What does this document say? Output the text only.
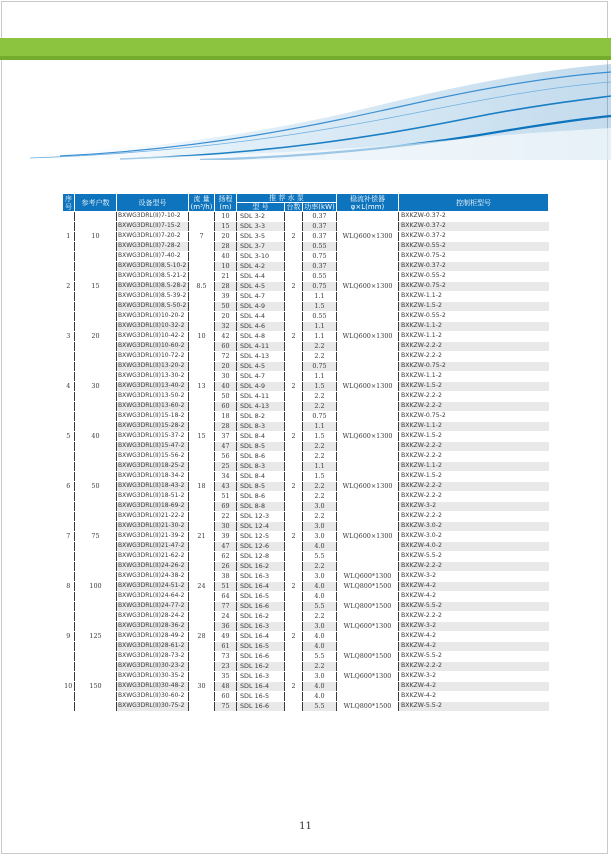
序号	参考户数	设备型号	流 量 (m³/h)	扬程 (m)	推 荐 水 泵			稳流补偿器 φ×L(mm)	控制柜型号
					型 号	台数	功率(kW)		
		BXWG3DRL(II)7-10-2		10	SDL 3-2		0.37		BXKZW-0.37-2
		BXWG3DRL(II)7-15-2		15	SDL 3-3		0.37		BXKZW-0.37-2
1	10	BXWG3DRL(II)7-20-2	7	20	SDL 3-5	2	0.37	WLQ600×1300	BXKZW-0.37-2
		BXWG3DRL(II)7-28-2		28	SDL 3-7		0.55		BXKZW-0.55-2
		BXWG3DRL(II)7-40-2		40	SDL 3-10		0.75		BXKZW-0.75-2
		BXWG3DRL(II)8.5-10-2		10	SDL 4-2		0.37		BXKZW-0.37-2
		BXWG3DRL(II)8.5-21-2		21	SDL 4-4		0.55		BXKZW-0.55-2
2	15	BXWG3DRL(II)8.5-28-2	8.5	28	SDL 4-5	2	0.75	WLQ600×1300	BXKZW-0.75-2
		BXWG3DRL(II)8.5-39-2		39	SDL 4-7		1.1		BXKZW-1.1-2
		BXWG3DRL(II)8.5-50-2		50	SDL 4-9		1.5		BXKZW-1.5-2
		BXWG3DRL(II)10-20-2		20	SDL 4-4		0.55		BXKZW-0.55-2
		BXWG3DRL(II)10-32-2		32	SDL 4-6		1.1		BXKZW-1.1-2
3	20	BXWG3DRL(II)10-42-2	10	42	SDL 4-8	2	1.1	WLQ600×1300	BXKZW-1.1-2
		BXWG3DRL(II)10-60-2		60	SDL 4-11		2.2		BXKZW-2.2-2
		BXWG3DRL(II)10-72-2		72	SDL 4-13		2.2		BXKZW-2.2-2
		BXWG3DRL(II)13-20-2		20	SDL 4-5		0.75		BXKZW-0.75-2
		BXWG3DRL(II)13-30-2		30	SDL 4-7		1.1		BXKZW-1.1-2
4	30	BXWG3DRL(II)13-40-2	13	40	SDL 4-9	2	1.5	WLQ600×1300	BXKZW-1.5-2
		BXWG3DRL(II)13-50-2		50	SDL 4-11		2.2		BXKZW-2.2-2
		BXWG3DRL(II)13-60-2		60	SDL 4-13		2.2		BXKZW-2.2-2
		BXWG3DRL(II)15-18-2		18	SDL 8-2		0.75		BXKZW-0.75-2
		BXWG3DRL(II)15-28-2		28	SDL 8-3		1.1		BXKZW-1.1-2
5	40	BXWG3DRL(II)15-37-2	15	37	SDL 8-4	2	1.5	WLQ600×1300	BXKZW-1.5-2
		BXWG3DRL(II)15-47-2		47	SDL 8-5		2.2		BXKZW-2.2-2
		BXWG3DRL(II)15-56-2		56	SDL 8-6		2.2		BXKZW-2.2-2
		BXWG3DRL(II)18-25-2		25	SDL 8-3		1.1		BXKZW-1.1-2
		BXWG3DRL(II)18-34-2		34	SDL 8-4		1.5		BXKZW-1.5-2
6	50	BXWG3DRL(II)18-43-2	18	43	SDL 8-5	2	2.2	WLQ600×1300	BXKZW-2.2-2
		BXWG3DRL(II)18-51-2		51	SDL 8-6		2.2		BXKZW-2.2-2
		BXWG3DRL(II)18-69-2		69	SDL 8-8		3.0		BXKZW-3-2
		BXWG3DRL(II)21-22-2		22	SDL 12-3		2.2		BXKZW-2.2-2
		BXWG3DRL(II)21-30-2		30	SDL 12-4		3.0		BXKZW-3.0-2
7	75	BXWG3DRL(II)21-39-2	21	39	SDL 12-5	2	3.0	WLQ600×1300	BXKZW-3.0-2
		BXWG3DRL(II)21-47-2		47	SDL 12-6		4.0		BXKZW-4.0-2
		BXWG3DRL(II)21-62-2		62	SDL 12-8		5.5		BXKZW-5.5-2
		BXWG3DRL(II)24-26-2		26	SDL 16-2		2.2		BXKZW-2.2-2
		BXWG3DRL(II)24-38-2		38	SDL 16-3		3.0	WLQ600*1300	BXKZW-3-2
8	100	BXWG3DRL(II)24-51-2	24	51	SDL 16-4	2	4.0	WLQ800*1500	BXKZW-4-2
		BXWG3DRL(II)24-64-2		64	SDL 16-5		4.0		BXKZW-4-2
		BXWG3DRL(II)24-77-2		77	SDL 16-6		5.5	WLQ800*1500	BXKZW-5.5-2
		BXWG3DRL(II)28-24-2		24	SDL 16-2		2.2		BXKZW-2.2-2
		BXWG3DRL(II)28-36-2		36	SDL 16-3		3.0	WLQ600*1300	BXKZW-3-2
9	125	BXWG3DRL(II)28-49-2	28	49	SDL 16-4	2	4.0		BXKZW-4-2
		BXWG3DRL(II)28-61-2		61	SDL 16-5		4.0		BXKZW-4-2
		BXWG3DRL(II)28-73-2		73	SDL 16-6		5.5	WLQ800*1500	BXKZW-5.5-2
		BXWG3DRL(II)30-23-2		23	SDL 16-2		2.2		BXKZW-2.2-2
		BXWG3DRL(II)30-35-2		35	SDL 16-3		3.0	WLQ600*1300	BXKZW-3-2
10	150	BXWG3DRL(II)30-48-2	30	48	SDL 16-4	2	4.0		BXKZW-4-2
		BXWG3DRL(II)30-60-2		60	SDL 16-5		4.0		BXKZW-4-2
		BXWG3DRL(II)30-75-2		75	SDL 16-6		5.5	WLQ800*1500	BXKZW-5.5-2
11
